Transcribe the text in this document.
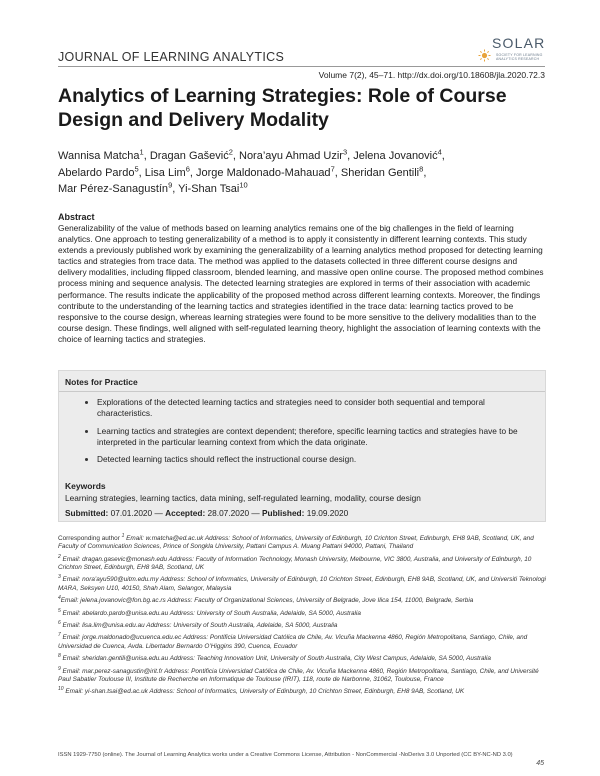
JOURNAL OF LEARNING ANALYTICS
SOLAR
SOCIETY FOR LEARNING ANALYTICS RESEARCH
Volume 7(2), 45–71. http://dx.doi.org/10.18608/jla.2020.72.3
Analytics of Learning Strategies: Role of Course Design and Delivery Modality
Wannisa Matcha$^1$, Dragan Gašević$^2$, Nora’ayu Ahmad Uzir$^3$, Jelena Jovanović$^4$,
Abelardo Pardo$^5$, Lisa Lim$^6$, Jorge Maldonado-Mahauad$^7$, Sheridan Gentili$^8$,
Mar Pérez-Sanagustín$^9$, Yi-Shan Tsai$^{10}$
Abstract

Generalizability of the value of methods based on learning analytics remains one of the big challenges in the field of learning analytics. One approach to testing generalizability of a method is to apply it consistently in different learning contexts. This study extends a previously published work by examining the generalizability of a learning analytics method proposed for detecting learning tactics and strategies from trace data. The method was applied to the datasets collected in three different course designs and delivery modalities, including flipped classroom, blended learning, and massive open online course. The proposed method combines process mining and sequence analysis. The detected learning strategies are explored in terms of their association with academic performance. The results indicate the applicability of the proposed method across different learning contexts. Moreover, the findings contribute to the understanding of the learning tactics and strategies identified in the trace data: learning tactics proved to be responsive to the course design, whereas learning strategies were found to be more sensitive to the delivery modalities than to the course design. These findings, well aligned with self-regulated learning theory, highlight the association of learning contexts with the choice of learning tactics and strategies.

Notes for Practice
Explorations of the detected learning tactics and strategies need to consider both sequential and temporal characteristics.
Learning tactics and strategies are context dependent; therefore, specific learning tactics and strategies have to be interpreted in the particular learning context from which the data originate.
Detected learning tactics should reflect the instructional course design.
Keywords
Learning strategies, learning tactics, data mining, self-regulated learning, modality, course design
Submitted: 07.01.2020 — Accepted: 28.07.2020 — Published: 19.09.2020

Corresponding author $^1$ Email: w.matcha@ed.ac.uk Address: School of Informatics, University of Edinburgh, 10 Crichton Street, Edinburgh, EH8 9AB, Scotland, UK, and Faculty of Communication Sciences, Prince of Songkla University, Pattani Campus A. Muang Pattani 94000, Pattani, Thailand

$^2$ Email: dragan.gasevic@monash.edu Address: Faculty of Information Technology, Monash University, Melbourne, VIC 3800, Australia, and University of Edinburgh, 10 Crichton Street, Edinburgh, EH8 9AB, Scotland, UK

$^3$ Email: nora’ayu590@uitm.edu.my Address: School of Informatics, University of Edinburgh, 10 Crichton Street, Edinburgh, EH8 9AB, Scotland, UK, and Universiti Teknologi MARA, Seksyen U10, 40150, Shah Alam, Selangor, Malaysia

$^4$Email: jelena.jovanovic@fon.bg.ac.rs Address: Faculty of Organizational Sciences, University of Belgrade, Jove Ilica 154, 11000, Belgrade, Serbia

$^5$ Email: abelardo.pardo@unisa.edu.au Address: University of South Australia, Adelaide, SA 5000, Australia

$^6$ Email: lisa.lim@unisa.edu.au Address: University of South Australia, Adelaide, SA 5000, Australia

$^7$ Email: jorge.maldonado@ucuenca.edu.ec Address: Pontificia Universidad Católica de Chile, Av. Vicuña Mackenna 4860, Región Metropolitana, Santiago, Chile, and Universidad de Cuenca, Avda. Libertador Bernardo O’Higgins 390, Cuenca, Ecuador

$^8$ Email: sheridan.gentili@unisa.edu.au Address: Teaching Innovation Unit, University of South Australia, City West Campus, Adelaide, SA 5000, Australia

$^9$ Email: mar.perez-sanagustin@irit.fr Address: Pontificia Universidad Católica de Chile, Av. Vicuña Mackenna 4860, Región Metropolitana, Santiago, Chile, and Université Paul Sabatier Toulouse III, Institute de Recherche en Informatique de Toulouse (IRIT), 118, route de Narbonne, 31062, Toulouse, France

$^{10}$ Email: yi-shan.tsai@ed.ac.uk Address: School of Informatics, University of Edinburgh, 10 Crichton Street, Edinburgh, EH8 9AB, Scotland, UK

ISSN 1929-7750 (online). The Journal of Learning Analytics works under a Creative Commons License, Attribution - NonCommercial -NoDerivs 3.0 Unported (CC BY-NC-ND 3.0)
45
